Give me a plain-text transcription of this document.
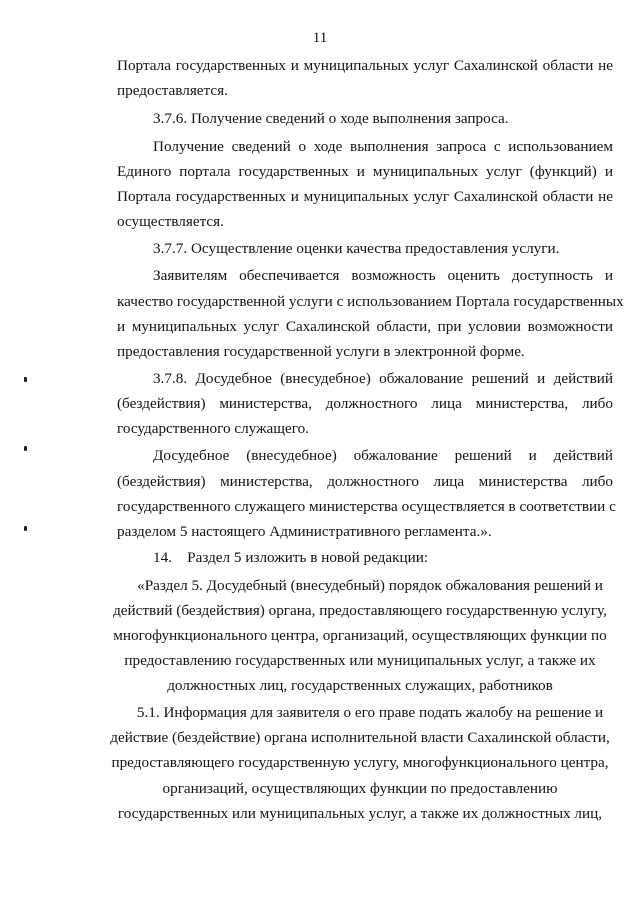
11
Портала государственных и муниципальных услуг Сахалинской области не
предоставляется.
3.7.6. Получение сведений о ходе выполнения запроса.
Получение сведений о ходе выполнения запроса с использованием
Единого портала государственных и муниципальных услуг (функций) и
Портала государственных и муниципальных услуг Сахалинской области не
осуществляется.
3.7.7. Осуществление оценки качества предоставления услуги.
Заявителям обеспечивается возможность оценить доступность и
качество государственной услуги с использованием Портала государственных
и муниципальных услуг Сахалинской области, при условии возможности
предоставления государственной услуги в электронной форме.
3.7.8. Досудебное (внесудебное) обжалование решений и действий
(бездействия) министерства, должностного лица министерства, либо
государственного служащего.
Досудебное (внесудебное) обжалование решений и действий
(бездействия) министерства, должностного лица министерства либо
государственного служащего министерства осуществляется в соответствии с
разделом 5 настоящего Административного регламента.».
14.    Раздел 5 изложить в новой редакции:
«Раздел 5. Досудебный (внесудебный) порядок обжалования решений и
действий (бездействия) органа, предоставляющего государственную услугу,
многофункционального центра, организаций, осуществляющих функции по
предоставлению государственных или муниципальных услуг, а также их
должностных лиц, государственных служащих, работников
5.1. Информация для заявителя о его праве подать жалобу на решение и
действие (бездействие) органа исполнительной власти Сахалинской области,
предоставляющего государственную услугу, многофункционального центра,
организаций, осуществляющих функции по предоставлению
государственных или муниципальных услуг, а также их должностных лиц,
